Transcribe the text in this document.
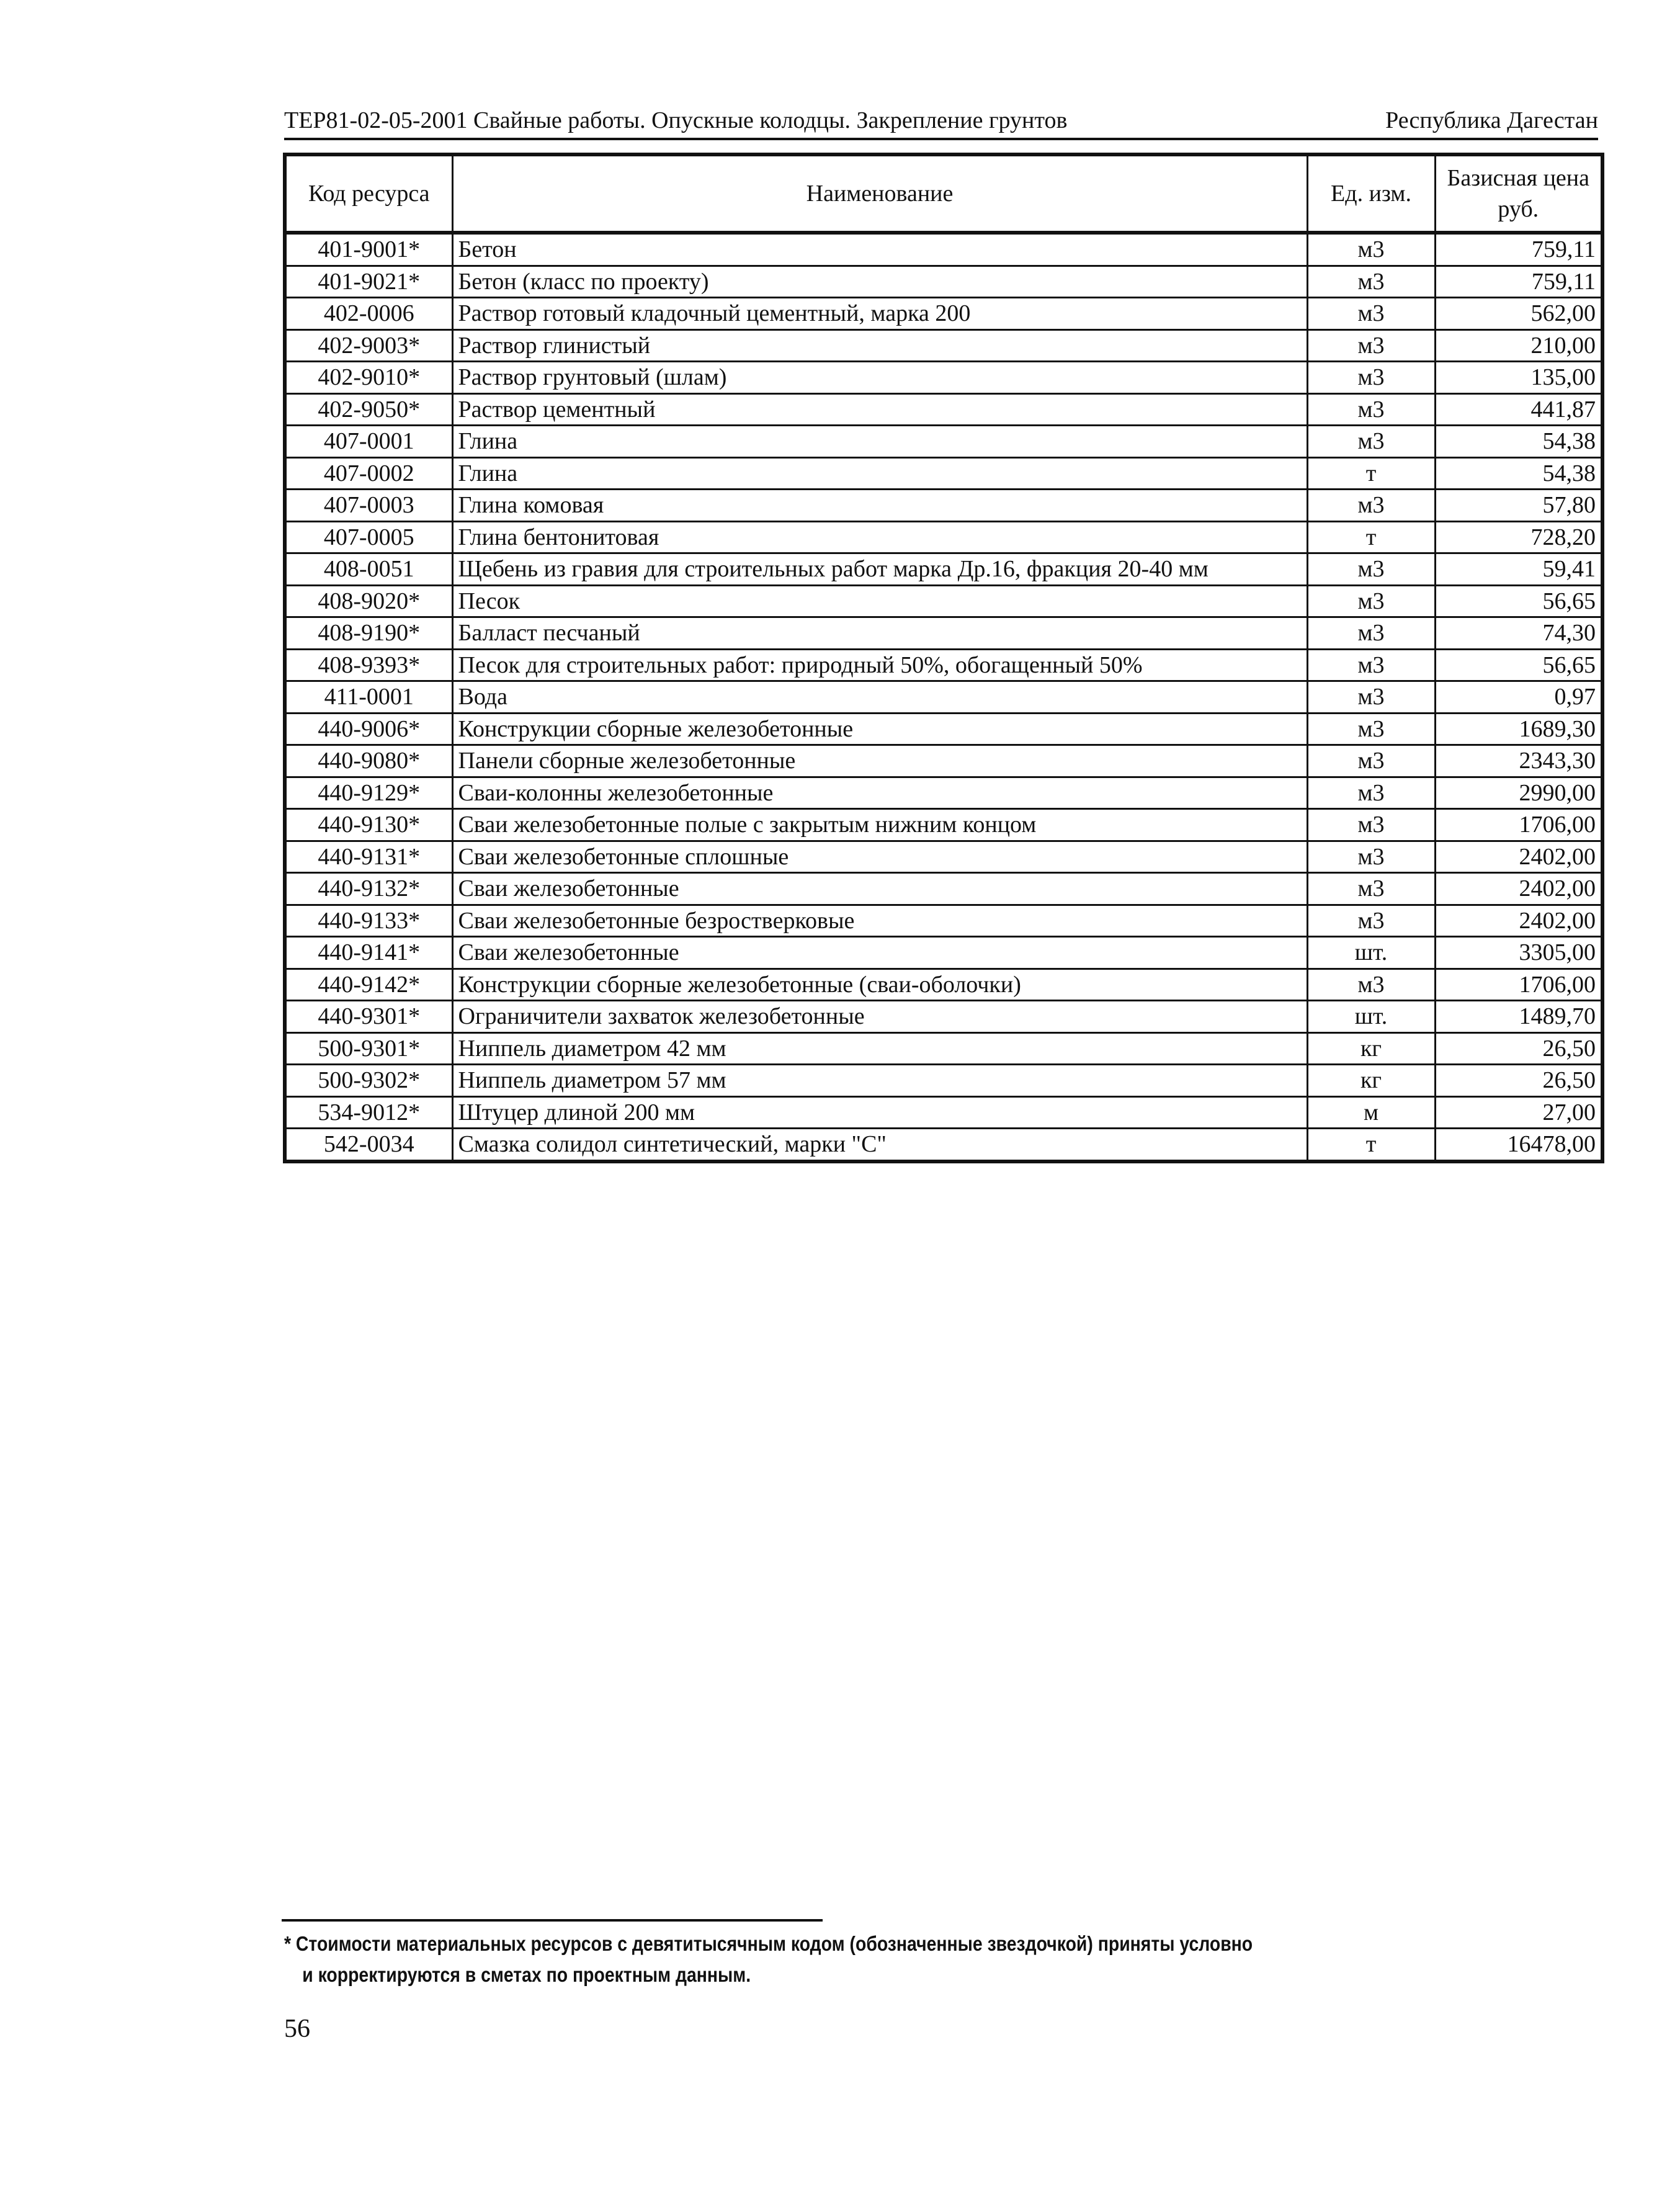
ТЕР81-02-05-2001 Свайные работы. Опускные колодцы. Закрепление грунтов	Республика Дагестан
Код ресурса	Наименование	Ед. изм.	Базисная цена
руб.
401-9001*	Бетон	м3	759,11
401-9021*	Бетон (класс по проекту)	м3	759,11
402-0006	Раствор готовый кладочный цементный, марка 200	м3	562,00
402-9003*	Раствор глинистый	м3	210,00
402-9010*	Раствор грунтовый (шлам)	м3	135,00
402-9050*	Раствор цементный	м3	441,87
407-0001	Глина	м3	54,38
407-0002	Глина	т	54,38
407-0003	Глина комовая	м3	57,80
407-0005	Глина бентонитовая	т	728,20
408-0051	Щебень из гравия для строительных работ марка Др.16, фракция 20-40 мм	м3	59,41
408-9020*	Песок	м3	56,65
408-9190*	Балласт песчаный	м3	74,30
408-9393*	Песок для строительных работ: природный 50%, обогащенный 50%	м3	56,65
411-0001	Вода	м3	0,97
440-9006*	Конструкции сборные железобетонные	м3	1689,30
440-9080*	Панели сборные железобетонные	м3	2343,30
440-9129*	Сваи-колонны железобетонные	м3	2990,00
440-9130*	Сваи железобетонные полые с закрытым нижним концом	м3	1706,00
440-9131*	Сваи железобетонные сплошные	м3	2402,00
440-9132*	Сваи железобетонные	м3	2402,00
440-9133*	Сваи железобетонные безроствeрковые	м3	2402,00
440-9141*	Сваи железобетонные	шт.	3305,00
440-9142*	Конструкции сборные железобетонные (сваи-оболочки)	м3	1706,00
440-9301*	Ограничители захваток железобетонные	шт.	1489,70
500-9301*	Ниппель диаметром 42 мм	кг	26,50
500-9302*	Ниппель диаметром 57 мм	кг	26,50
534-9012*	Штуцер длиной 200 мм	м	27,00
542-0034	Смазка солидол синтетический, марки "С"	т	16478,00
* Стоимости материальных ресурсов с девятитысячным кодом (обозначенные звездочкой) приняты условно
и корректируются в сметах по проектным данным.
56
